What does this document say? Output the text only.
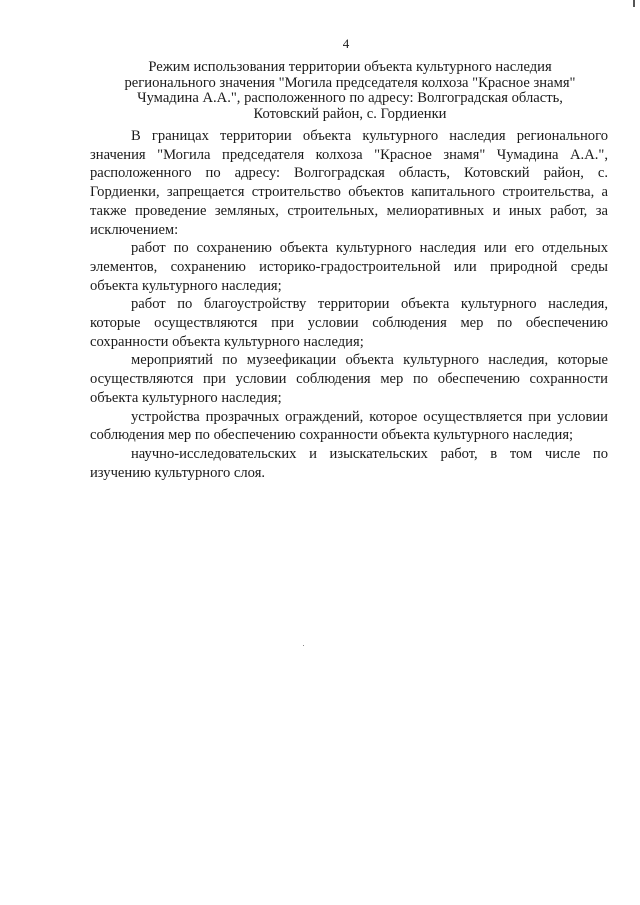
4
Режим использования территории объекта культурного наследия
регионального значения "Могила председателя колхоза "Красное знамя"
Чумадина А.А.", расположенного по адресу: Волгоградская область,
Котовский район, с. Гордиенки

В границах территории объекта культурного наследия регионального значения "Могила председателя колхоза "Красное знамя" Чумадина А.А.", расположенного по адресу: Волгоградская область, Котовский район, с. Гордиенки, запрещается строительство объектов капитального строительства, а также проведение земляных, строительных, мелиоративных и иных работ, за исключением:

работ по сохранению объекта культурного наследия или его отдельных элементов, сохранению историко-градостроительной или природной среды объекта культурного наследия;

работ по благоустройству территории объекта культурного наследия, которые осуществляются при условии соблюдения мер по обеспечению сохранности объекта культурного наследия;

мероприятий по музеефикации объекта культурного наследия, которые осуществляются при условии соблюдения мер по обеспечению сохранности объекта культурного наследия;

устройства прозрачных ограждений, которое осуществляется при условии соблюдения мер по обеспечению сохранности объекта культурного наследия;

научно-исследовательских и изыскательских работ, в том числе по изучению культурного слоя.
